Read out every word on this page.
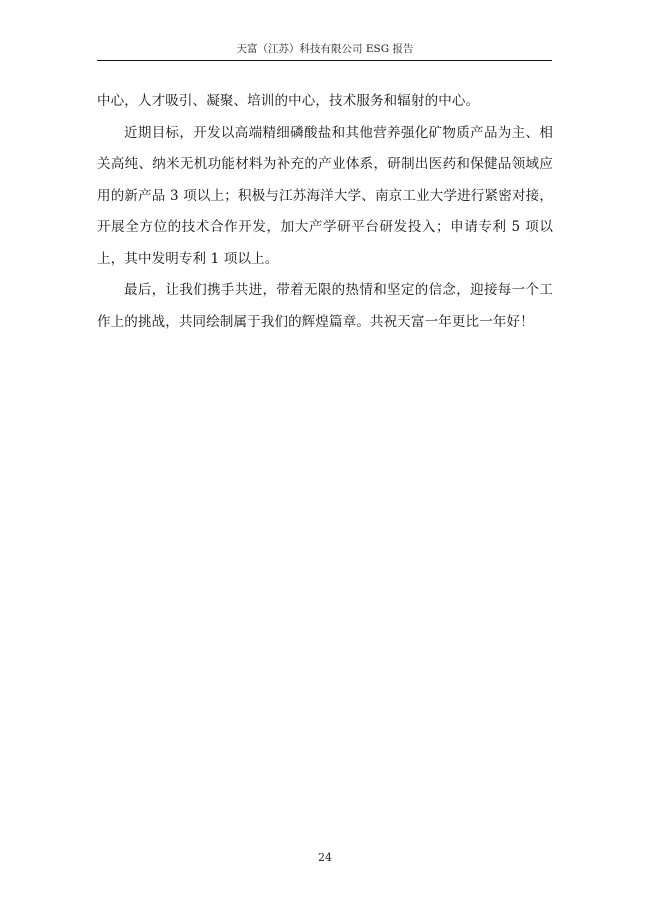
天富（江苏）科技有限公司 ESG 报告

中心，人才吸引、凝聚、培训的中心，技术服务和辐射的中心。

近期目标，开发以高端精细磷酸盐和其他营养强化矿物质产品为主、相关高纯、纳米无机功能材料为补充的产业体系，研制出医药和保健品领域应用的新产品 3 项以上；积极与江苏海洋大学、南京工业大学进行紧密对接，开展全方位的技术合作开发，加大产学研平台研发投入；申请专利 5 项以上，其中发明专利 1 项以上。

最后，让我们携手共进，带着无限的热情和坚定的信念，迎接每一个工作上的挑战，共同绘制属于我们的辉煌篇章。共祝天富一年更比一年好！

24
